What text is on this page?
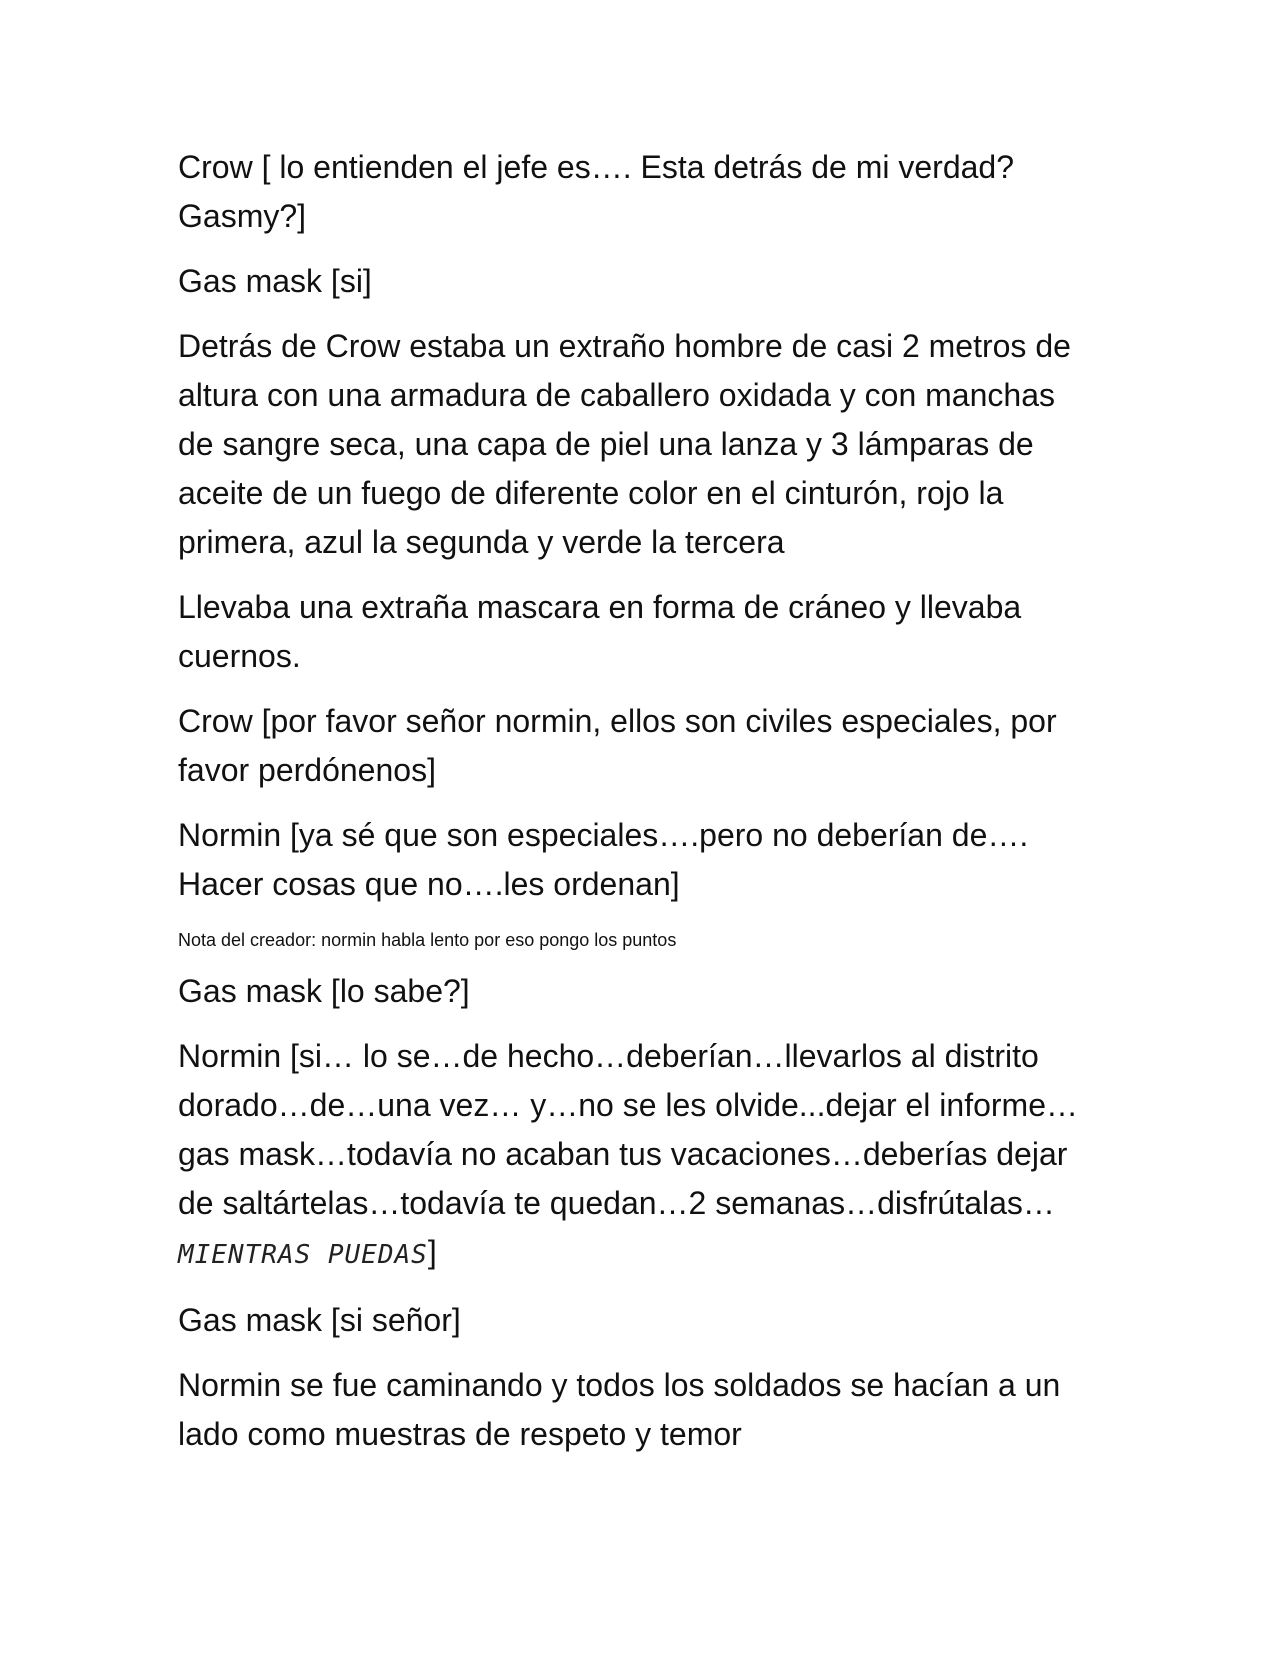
Crow [ lo entienden el jefe es…. Esta detrás de mi verdad? Gasmy?]

Gas mask [si]

Detrás de Crow estaba un extraño hombre de casi 2 metros de altura con una armadura de caballero oxidada y con manchas de sangre seca, una capa de piel una lanza y 3 lámparas de aceite de un fuego de diferente color en el cinturón, rojo la primera, azul la segunda y verde la tercera

Llevaba una extraña mascara en forma de cráneo y llevaba cuernos.

Crow [por favor señor normin, ellos son civiles especiales, por favor perdónenos]

Normin [ya sé que son especiales….pero no deberían de…. Hacer cosas que no….les ordenan]

Nota del creador: normin habla lento por eso pongo los puntos

Gas mask [lo sabe?]

Normin [si… lo se…de hecho…deberían…llevarlos al distrito dorado…de…una vez… y…no se les olvide...dejar el informe…gas mask…todavía no acaban tus vacaciones…deberías dejar de saltártelas…todavía te quedan…2 semanas…disfrútalas…MIENTRAS PUEDAS]

Gas mask [si señor]

Normin se fue caminando y todos los soldados se hacían a un lado como muestras de respeto y temor
